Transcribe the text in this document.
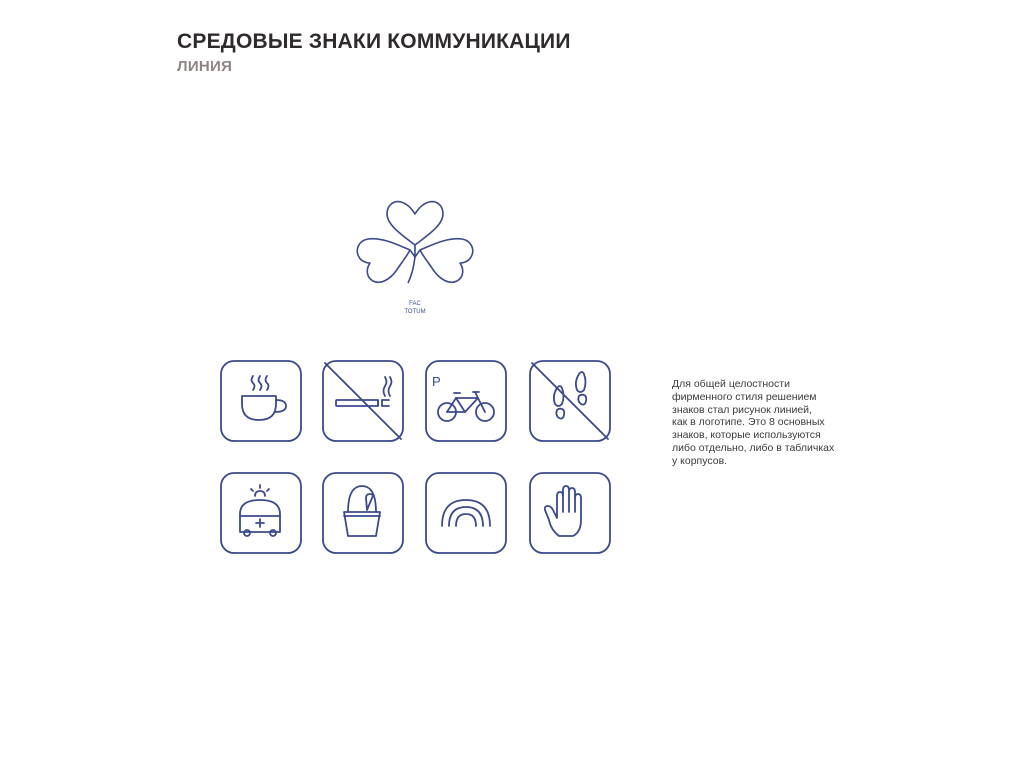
СРЕДОВЫЕ ЗНАКИ КОММУНИКАЦИИ
ЛИНИЯ
FAC
TOTUM
P	Для общей целостности
фирменного стиля решением
знаков стал рисунок линией,
как в логотипе. Это 8 основных
знаков, которые используются
либо отдельно, либо в табличках
у корпусов.
